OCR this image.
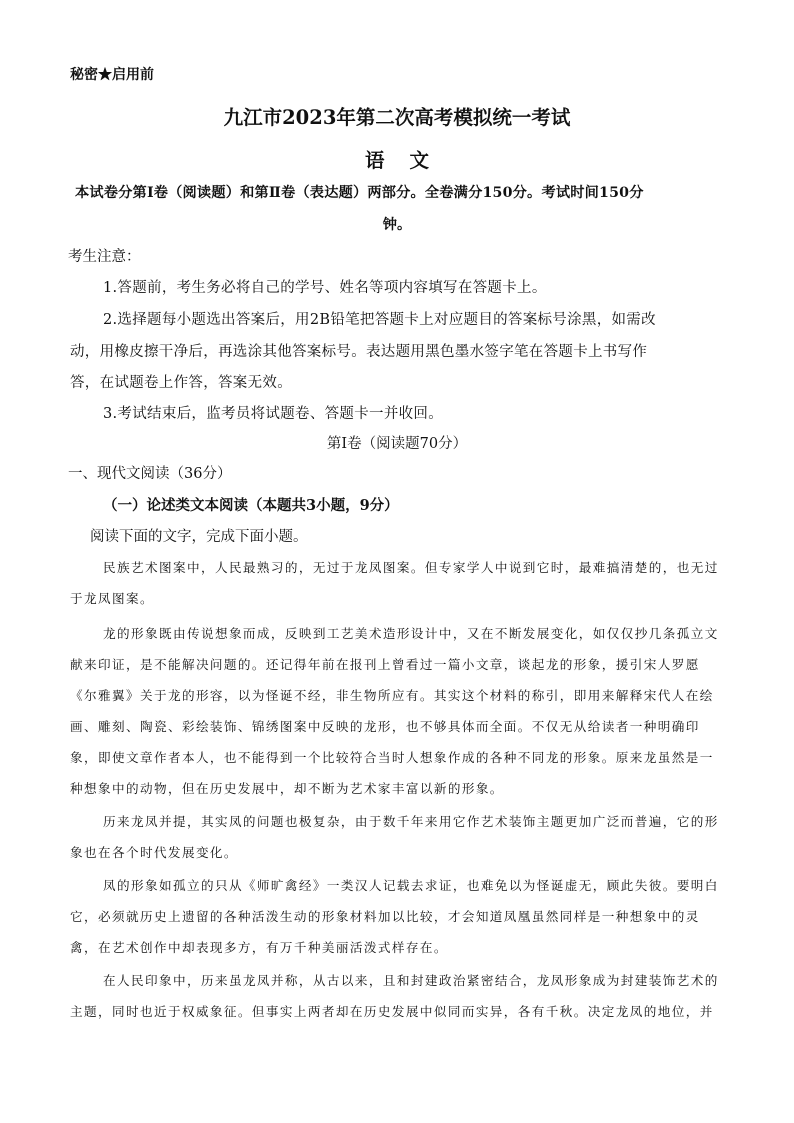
秘密★启用前
九江市2023年第二次高考模拟统一考试
语文
本试卷分第Ⅰ卷（阅读题）和第Ⅱ卷（表达题）两部分。全卷满分150分。考试时间150分
钟。
考生注意：
1.答题前，考生务必将自己的学号、姓名等项内容填写在答题卡上。
2.选择题每小题选出答案后，用2B铅笔把答题卡上对应题目的答案标号涂黑，如需改
动，用橡皮擦干净后，再选涂其他答案标号。表达题用黑色墨水签字笔在答题卡上书写作
答，在试题卷上作答，答案无效。
3.考试结束后，监考员将试题卷、答题卡一并收回。
第Ⅰ卷（阅读题70分）
一、现代文阅读（36分）
（一）论述类文本阅读（本题共3小题，9分）
阅读下面的文字，完成下面小题。
民族艺术图案中，人民最熟习的，无过于龙凤图案。但专家学人中说到它时，最难搞清楚的，也无过
于龙凤图案。
龙的形象既由传说想象而成，反映到工艺美术造形设计中，又在不断发展变化，如仅仅抄几条孤立文
献来印证，是不能解决问题的。还记得年前在报刊上曾看过一篇小文章，谈起龙的形象，援引宋人罗愿
《尔雅翼》关于龙的形容，以为怪诞不经，非生物所应有。其实这个材料的称引，即用来解释宋代人在绘
画、雕刻、陶瓷、彩绘装饰、锦绣图案中反映的龙形，也不够具体而全面。不仅无从给读者一种明确印
象，即使文章作者本人，也不能得到一个比较符合当时人想象作成的各种不同龙的形象。原来龙虽然是一
种想象中的动物，但在历史发展中，却不断为艺术家丰富以新的形象。
历来龙凤并提，其实凤的问题也极复杂，由于数千年来用它作艺术装饰主题更加广泛而普遍，它的形
象也在各个时代发展变化。
凤的形象如孤立的只从《师旷禽经》一类汉人记载去求证，也难免以为怪诞虚无，顾此失彼。要明白
它，必须就历史上遗留的各种活泼生动的形象材料加以比较，才会知道凤凰虽然同样是一种想象中的灵
禽，在艺术创作中却表现多方，有万千种美丽活泼式样存在。
在人民印象中，历来虽龙凤并称，从古以来，且和封建政治紧密结合，龙凤形象成为封建装饰艺术的
主题，同时也近于权威象征。但事实上两者却在历史发展中似同而实异，各有千秋。决定龙凤的地位，并
